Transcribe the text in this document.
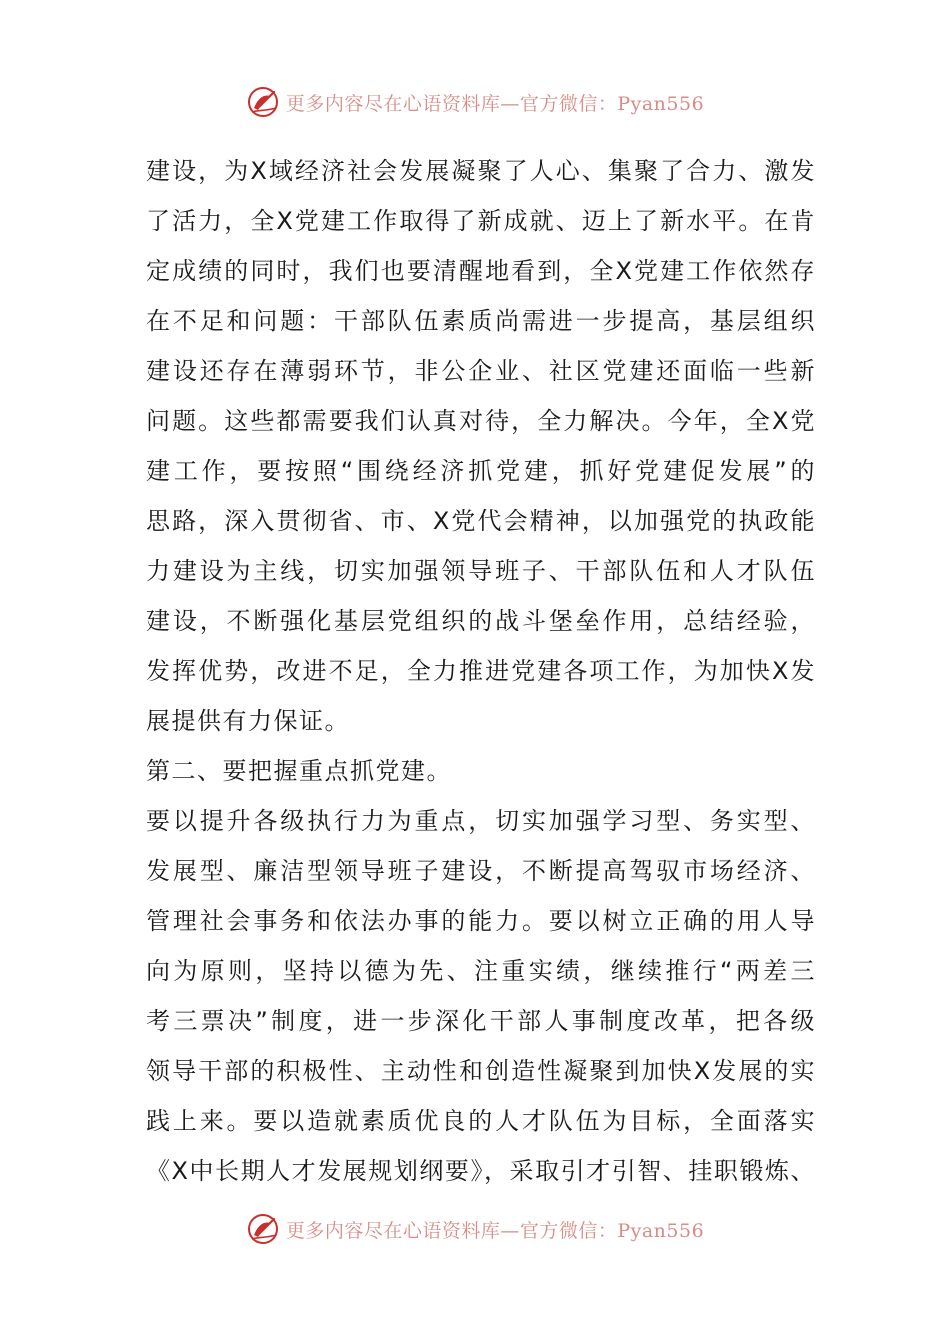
更多内容尽在心语资料库—官方微信：Pyan556
建设，为X域经济社会发展凝聚了人心、集聚了合力、激发
了活力，全X党建工作取得了新成就、迈上了新水平。在肯
定成绩的同时，我们也要清醒地看到，全X党建工作依然存
在不足和问题：干部队伍素质尚需进一步提高，基层组织
建设还存在薄弱环节，非公企业、社区党建还面临一些新
问题。这些都需要我们认真对待，全力解决。今年，全X党
建工作，要按照“围绕经济抓党建，抓好党建促发展”的
思路，深入贯彻省、市、X党代会精神，以加强党的执政能
力建设为主线，切实加强领导班子、干部队伍和人才队伍
建设，不断强化基层党组织的战斗堡垒作用，总结经验，
发挥优势，改进不足，全力推进党建各项工作，为加快X发
展提供有力保证。
第二、要把握重点抓党建。
要以提升各级执行力为重点，切实加强学习型、务实型、
发展型、廉洁型领导班子建设，不断提高驾驭市场经济、
管理社会事务和依法办事的能力。要以树立正确的用人导
向为原则，坚持以德为先、注重实绩，继续推行“两差三
考三票决”制度，进一步深化干部人事制度改革，把各级
领导干部的积极性、主动性和创造性凝聚到加快X发展的实
践上来。要以造就素质优良的人才队伍为目标，全面落实
《X中长期人才发展规划纲要》，采取引才引智、挂职锻炼、
更多内容尽在心语资料库—官方微信：Pyan556
